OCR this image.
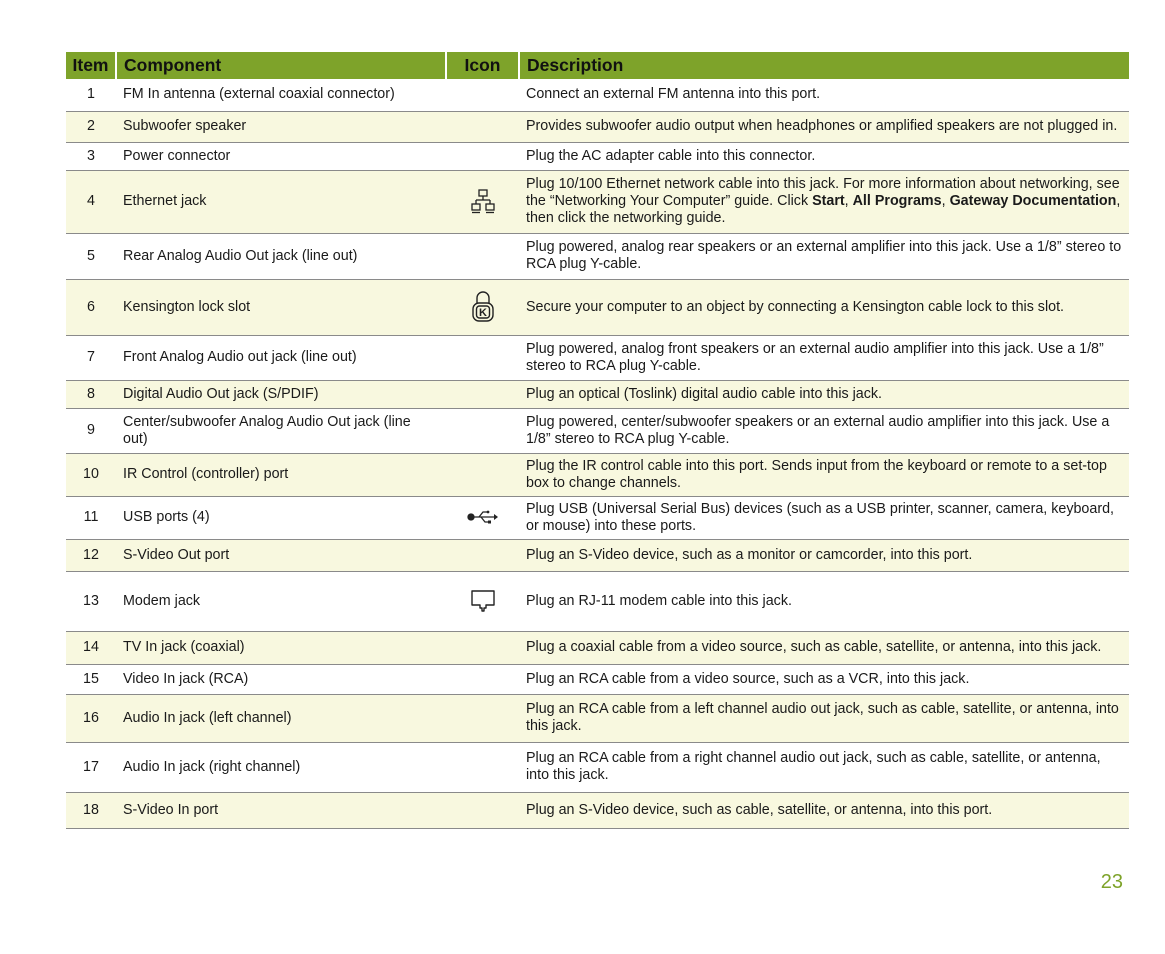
Item	Component	Icon	Description
1	FM In antenna (external coaxial connector)		Connect an external FM antenna into this port.
2	Subwoofer speaker		Provides subwoofer audio output when headphones or amplified speakers are not plugged in.
3	Power connector		Plug the AC adapter cable into this connector.
4	Ethernet jack		Plug 10/100 Ethernet network cable into this jack. For more information about networking, see the “Networking Your Computer” guide. Click Start, All Programs, Gateway Documentation, then click the networking guide.
5	Rear Analog Audio Out jack (line out)		Plug powered, analog rear speakers or an external amplifier into this jack. Use a 1/8” stereo to RCA plug Y-cable.
6	Kensington lock slot	K	Secure your computer to an object by connecting a Kensington cable lock to this slot.
7	Front Analog Audio out jack (line out)		Plug powered, analog front speakers or an external audio amplifier into this jack. Use a 1/8” stereo to RCA plug Y-cable.
8	Digital Audio Out jack (S/PDIF)		Plug an optical (Toslink) digital audio cable into this jack.
9	Center/subwoofer Analog Audio Out jack (line out)		Plug powered, center/subwoofer speakers or an external audio amplifier into this jack. Use a 1/8” stereo to RCA plug Y-cable.
10	IR Control (controller) port		Plug the IR control cable into this port. Sends input from the keyboard or remote to a set-top box to change channels.
11	USB ports (4)		Plug USB (Universal Serial Bus) devices (such as a USB printer, scanner, camera, keyboard, or mouse) into these ports.
12	S-Video Out port		Plug an S-Video device, such as a monitor or camcorder, into this port.
13	Modem jack		Plug an RJ-11 modem cable into this jack.
14	TV In jack (coaxial)		Plug a coaxial cable from a video source, such as cable, satellite, or antenna, into this jack.
15	Video In jack (RCA)		Plug an RCA cable from a video source, such as a VCR, into this jack.
16	Audio In jack (left channel)		Plug an RCA cable from a left channel audio out jack, such as cable, satellite, or antenna, into this jack.
17	Audio In jack (right channel)		Plug an RCA cable from a right channel audio out jack, such as cable, satellite, or antenna, into this jack.
18	S-Video In port		Plug an S-Video device, such as cable, satellite, or antenna, into this port.
23
